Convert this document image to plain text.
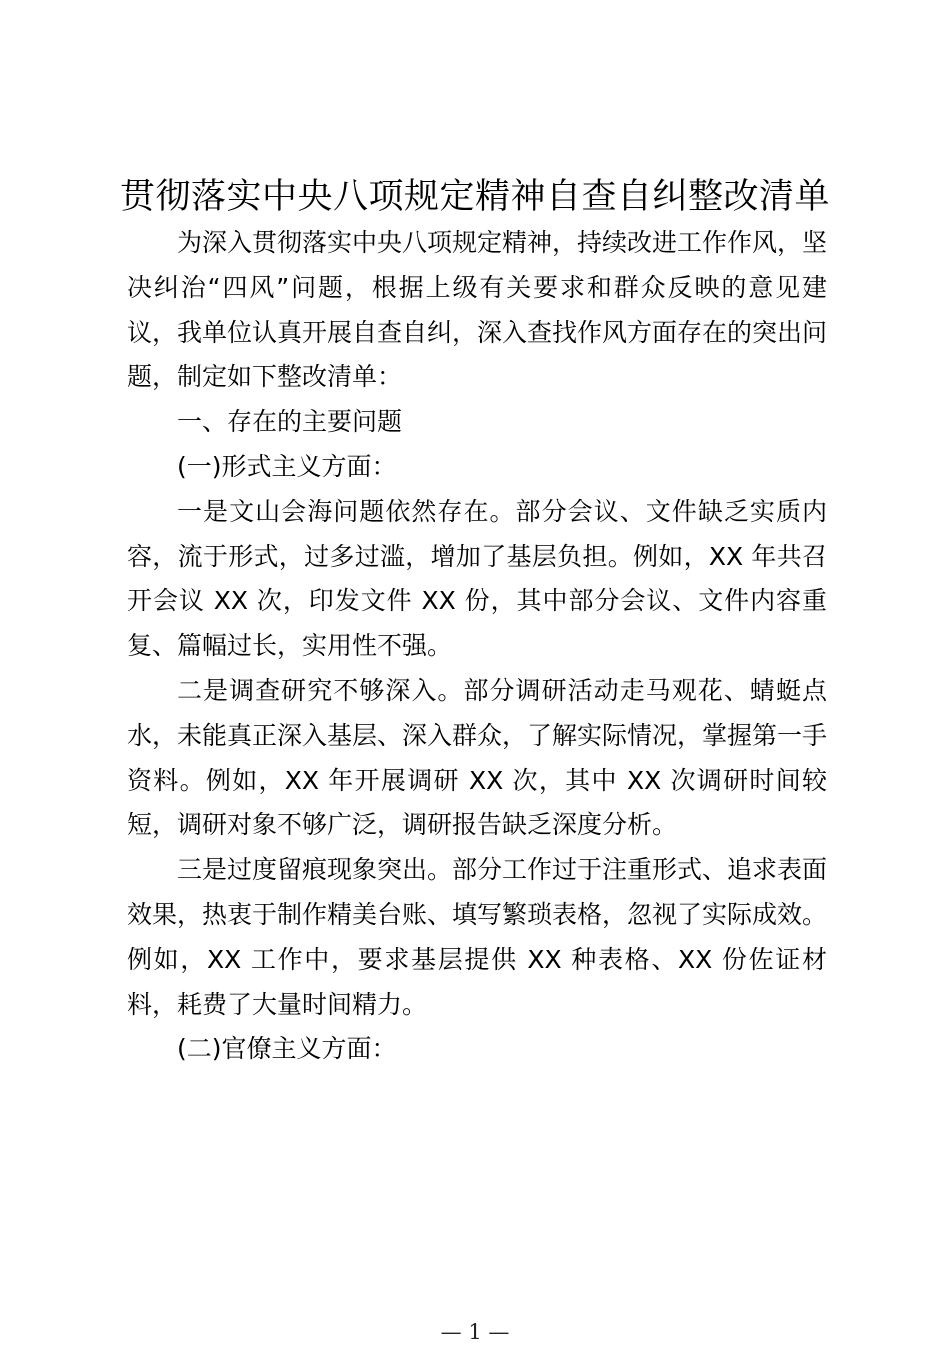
贯彻落实中央八项规定精神自查自纠整改清单

为深入贯彻落实中央八项规定精神，持续改进工作作风，坚决纠治“四风”问题，根据上级有关要求和群众反映的意见建议，我单位认真开展自查自纠，深入查找作风方面存在的突出问题，制定如下整改清单：

一、存在的主要问题

(一)形式主义方面：

一是文山会海问题依然存在。部分会议、文件缺乏实质内容，流于形式，过多过滥，增加了基层负担。例如，XX 年共召开会议 XX 次，印发文件 XX 份，其中部分会议、文件内容重复、篇幅过长，实用性不强。

二是调查研究不够深入。部分调研活动走马观花、蜻蜓点水，未能真正深入基层、深入群众，了解实际情况，掌握第一手资料。例如，XX 年开展调研 XX 次，其中 XX 次调研时间较短，调研对象不够广泛，调研报告缺乏深度分析。

三是过度留痕现象突出。部分工作过于注重形式、追求表面效果，热衷于制作精美台账、填写繁琐表格，忽视了实际成效。例如，XX 工作中，要求基层提供 XX 种表格、XX 份佐证材料，耗费了大量时间精力。

(二)官僚主义方面：

— 1 —
